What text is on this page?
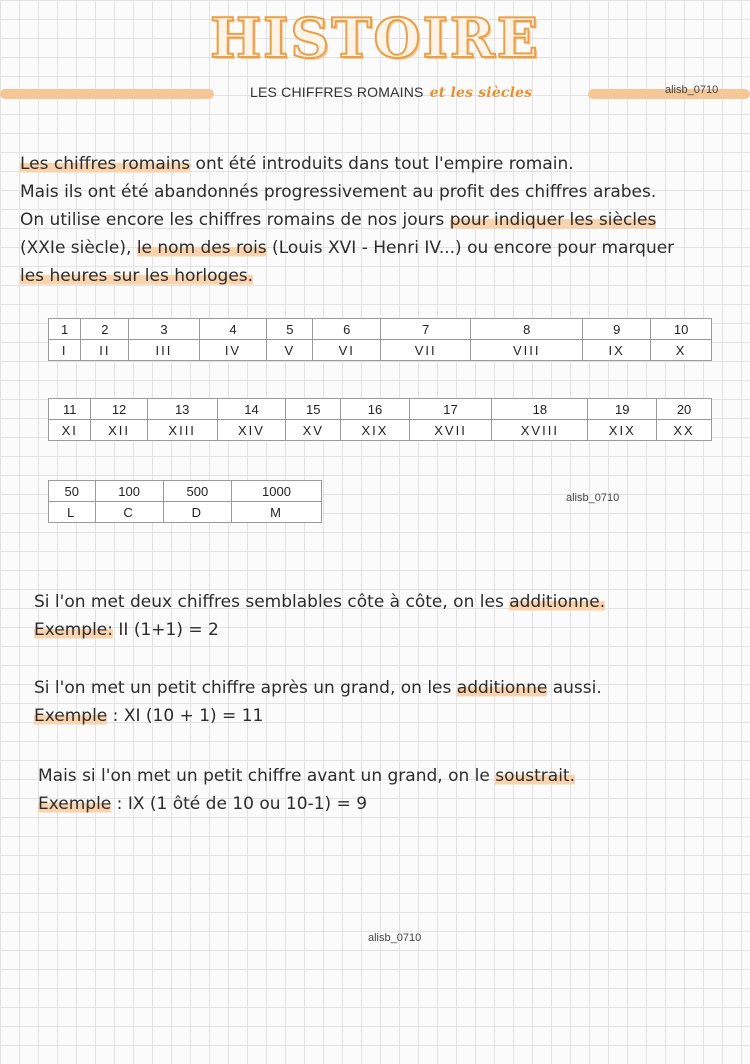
HISTOIRE
LES CHIFFRES ROMAINS et les siècles	alisb_0710
Les chiffres romains ont été introduits dans tout l'empire romain.
Mais ils ont été abandonnés progressivement au profit des chiffres arabes.
On utilise encore les chiffres romains de nos jours pour indiquer les siècles
(XXIe siècle), le nom des rois (Louis XVI - Henri IV...) ou encore pour marquer
les heures sur les horloges.
1	2	3	4	5	6	7	8	9	10
I	II	III	IV	V	VI	VII	VIII	IX	X
11	12	13	14	15	16	17	18	19	20
XI	XII	XIII	XIV	XV	XIX	XVII	XVIII	XIX	XX
50	100	500	1000
L	C	D	M
alisb_0710
Si l'on met deux chiffres semblables côte à côte, on les additionne.
Exemple: II (1+1) = 2
Si l'on met un petit chiffre après un grand, on les additionne aussi.
Exemple : XI (10 + 1) = 11
Mais si l'on met un petit chiffre avant un grand, on le soustrait.
Exemple : IX (1 ôté de 10 ou 10-1) = 9
alisb_0710
